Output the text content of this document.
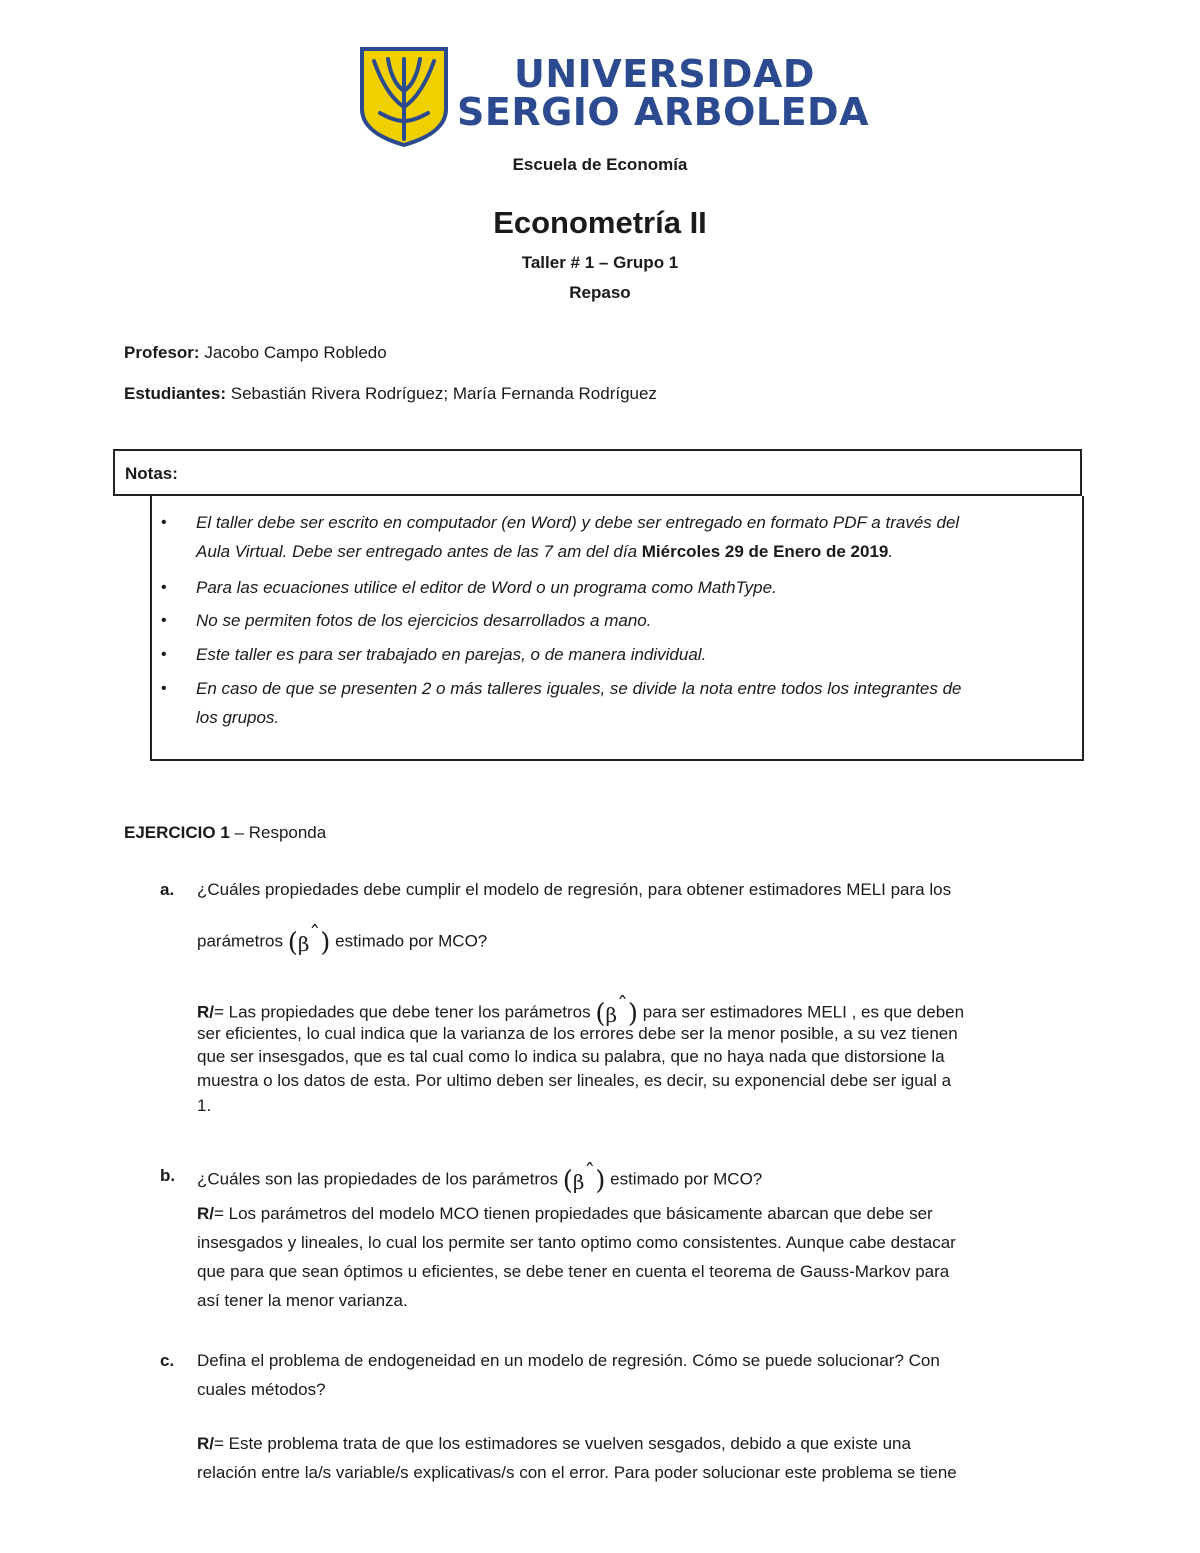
UNIVERSIDAD
SERGIO ARBOLEDA
Escuela de Economía
Econometría II
Taller # 1 – Grupo 1
Repaso
Profesor: Jacobo Campo Robledo
Estudiantes: Sebastián Rivera Rodríguez; María Fernanda Rodríguez
Notas:
• El taller debe ser escrito en computador (en Word) y debe ser entregado en formato PDF a través del
Aula Virtual. Debe ser entregado antes de las 7 am del día Miércoles 29 de Enero de 2019.
• Para las ecuaciones utilice el editor de Word o un programa como MathType.
• No se permiten fotos de los ejercicios desarrollados a mano.
• Este taller es para ser trabajado en parejas, o de manera individual.
• En caso de que se presenten 2 o más talleres iguales, se divide la nota entre todos los integrantes de
los grupos.
EJERCICIO 1 – Responda
a. ¿Cuáles propiedades debe cumplir el modelo de regresión, para obtener estimadores MELI para los
parámetros $(\beta^ˆ)$ estimado por MCO?
R/= Las propiedades que debe tener los parámetros $(\beta^ˆ)$ para ser estimadores MELI , es que deben
ser eficientes, lo cual indica que la varianza de los errores debe ser la menor posible, a su vez tienen
que ser insesgados, que es tal cual como lo indica su palabra, que no haya nada que distorsione la
muestra o los datos de esta. Por ultimo deben ser lineales, es decir, su exponencial debe ser igual a
1.
b. ¿Cuáles son las propiedades de los parámetros $(\beta^ˆ)$ estimado por MCO?
R/= Los parámetros del modelo MCO tienen propiedades que básicamente abarcan que debe ser
insesgados y lineales, lo cual los permite ser tanto optimo como consistentes. Aunque cabe destacar
que para que sean óptimos u eficientes, se debe tener en cuenta el teorema de Gauss-Markov para
así tener la menor varianza.
c. Defina el problema de endogeneidad en un modelo de regresión. Cómo se puede solucionar? Con
cuales métodos?
R/= Este problema trata de que los estimadores se vuelven sesgados, debido a que existe una
relación entre la/s variable/s explicativas/s con el error. Para poder solucionar este problema se tiene
